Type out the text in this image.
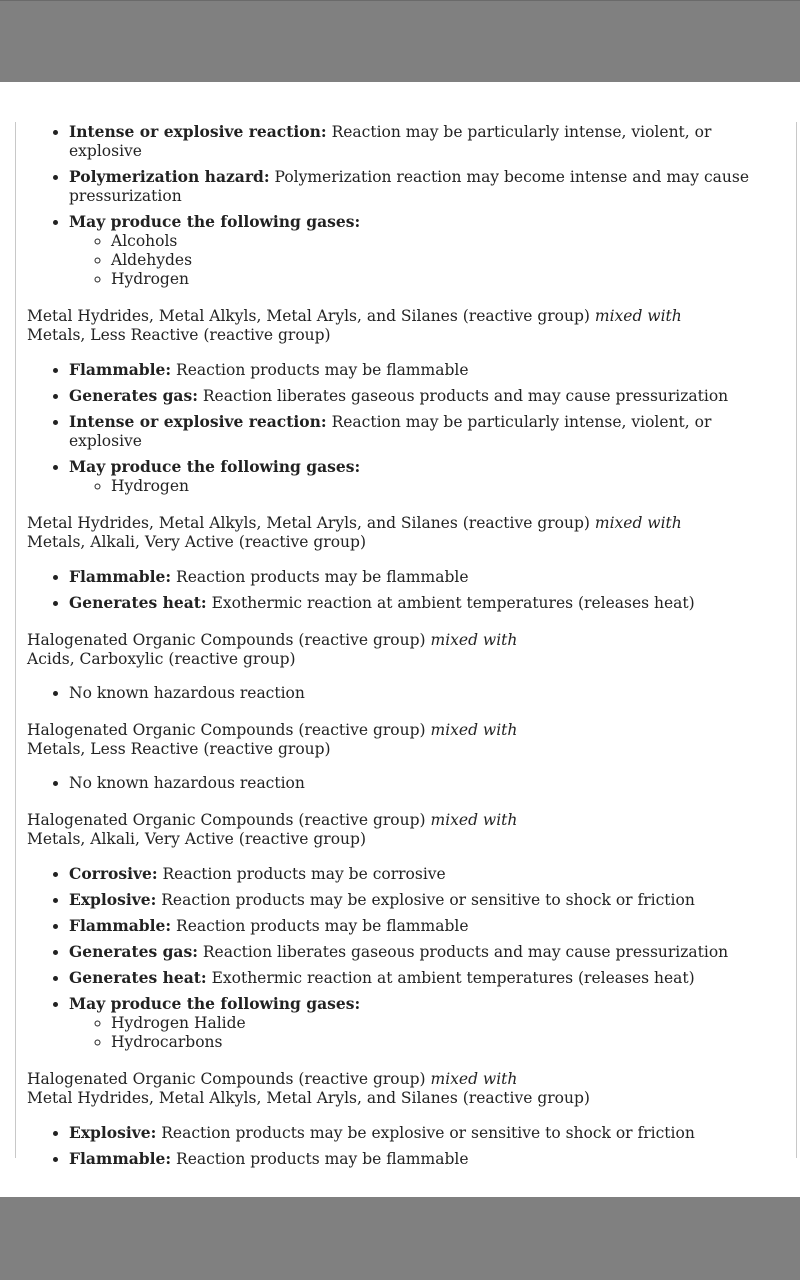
• Intense or explosive reaction: Reaction may be particularly intense, violent, or explosive
• Polymerization hazard: Polymerization reaction may become intense and may cause pressurization
• May produce the following gases:
◦ Alcohols
◦ Aldehydes
◦ Hydrogen
Metal Hydrides, Metal Alkyls, Metal Aryls, and Silanes (reactive group) mixed with
Metals, Less Reactive (reactive group)
• Flammable: Reaction products may be flammable
• Generates gas: Reaction liberates gaseous products and may cause pressurization
• Intense or explosive reaction: Reaction may be particularly intense, violent, or explosive
• May produce the following gases:
◦ Hydrogen
Metal Hydrides, Metal Alkyls, Metal Aryls, and Silanes (reactive group) mixed with
Metals, Alkali, Very Active (reactive group)
• Flammable: Reaction products may be flammable
• Generates heat: Exothermic reaction at ambient temperatures (releases heat)
Halogenated Organic Compounds (reactive group) mixed with
Acids, Carboxylic (reactive group)
• No known hazardous reaction
Halogenated Organic Compounds (reactive group) mixed with
Metals, Less Reactive (reactive group)
• No known hazardous reaction
Halogenated Organic Compounds (reactive group) mixed with
Metals, Alkali, Very Active (reactive group)
• Corrosive: Reaction products may be corrosive
• Explosive: Reaction products may be explosive or sensitive to shock or friction
• Flammable: Reaction products may be flammable
• Generates gas: Reaction liberates gaseous products and may cause pressurization
• Generates heat: Exothermic reaction at ambient temperatures (releases heat)
• May produce the following gases:
◦ Hydrogen Halide
◦ Hydrocarbons
Halogenated Organic Compounds (reactive group) mixed with
Metal Hydrides, Metal Alkyls, Metal Aryls, and Silanes (reactive group)
• Explosive: Reaction products may be explosive or sensitive to shock or friction
• Flammable: Reaction products may be flammable
